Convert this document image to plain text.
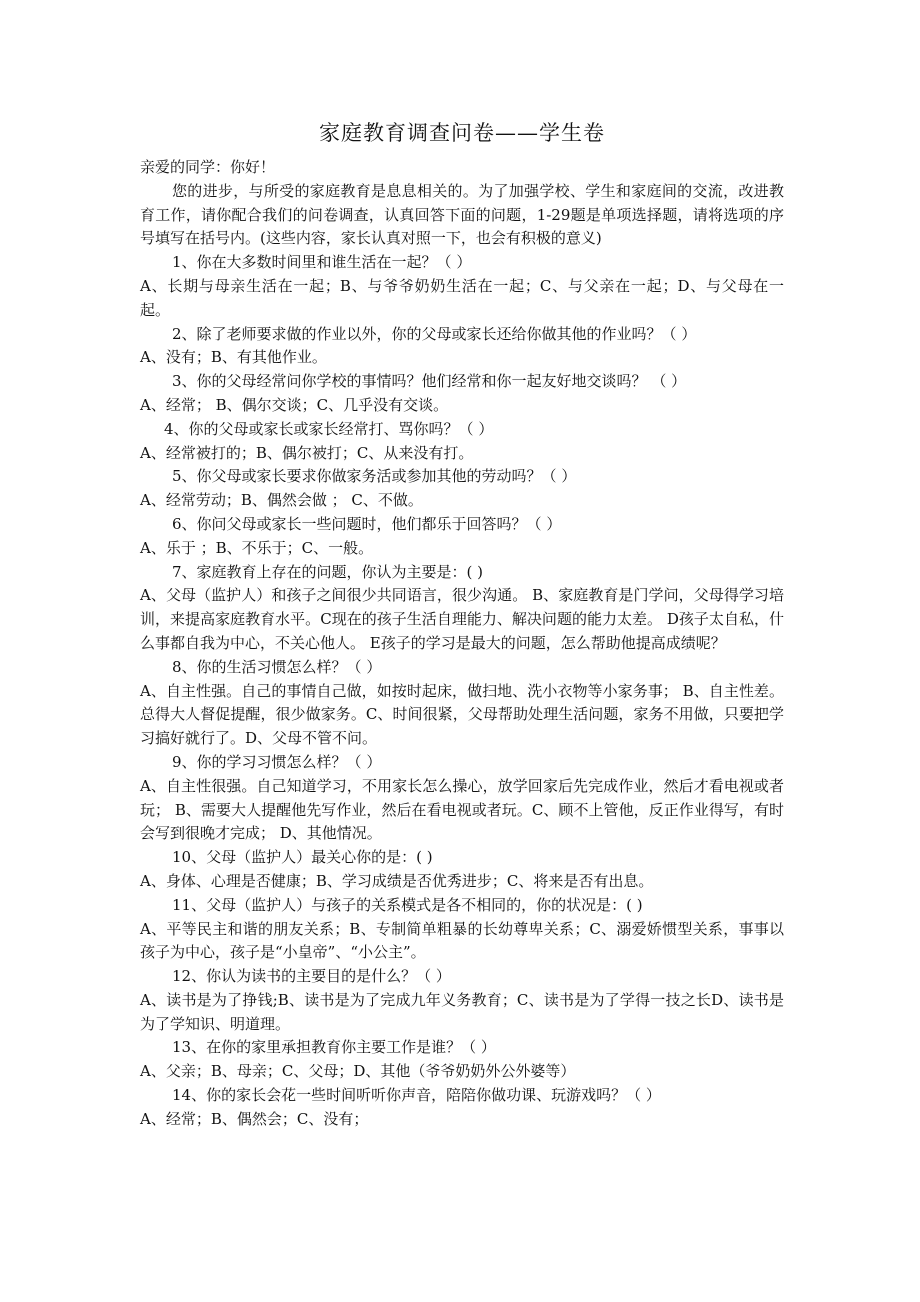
家庭教育调查问卷——学生卷

亲爱的同学：你好！

您的进步，与所受的家庭教育是息息相关的。为了加强学校、学生和家庭间的交流，改进教育工作，请你配合我们的问卷调查，认真回答下面的问题，1-29题是单项选择题，请将选项的序号填写在括号内。(这些内容，家长认真对照一下，也会有积极的意义)

1、你在大多数时间里和谁生活在一起？（ ）

A、长期与母亲生活在一起；B、与爷爷奶奶生活在一起；C、与父亲在一起；D、与父母在一起。

2、除了老师要求做的作业以外，你的父母或家长还给你做其他的作业吗？（ ）

A、没有；B、有其他作业。

3、你的父母经常问你学校的事情吗？他们经常和你一起友好地交谈吗？ （ ）

A、经常； B、偶尔交谈；C、几乎没有交谈。

4、你的父母或家长或家长经常打、骂你吗？（ ）

A、经常被打的；B、偶尔被打；C、从来没有打。

5、你父母或家长要求你做家务活或参加其他的劳动吗？（ ）

A、经常劳动；B、偶然会做 ； C、不做。

6、你问父母或家长一些问题时，他们都乐于回答吗？（ ）

A、乐于 ；B、不乐于；C、一般。

7、家庭教育上存在的问题，你认为主要是：( )

A、父母（监护人）和孩子之间很少共同语言，很少沟通。 B、家庭教育是门学问，父母得学习培训，来提高家庭教育水平。C现在的孩子生活自理能力、解决问题的能力太差。 D孩子太自私，什么事都自我为中心，不关心他人。 E孩子的学习是最大的问题，怎么帮助他提高成绩呢？

8、你的生活习惯怎么样？（ ）

A、自主性强。自己的事情自己做，如按时起床，做扫地、洗小衣物等小家务事； B、自主性差。总得大人督促提醒，很少做家务。C、时间很紧，父母帮助处理生活问题，家务不用做，只要把学习搞好就行了。D、父母不管不问。

9、你的学习习惯怎么样？（ ）

A、自主性很强。自己知道学习，不用家长怎么操心，放学回家后先完成作业，然后才看电视或者玩； B、需要大人提醒他先写作业，然后在看电视或者玩。C、顾不上管他，反正作业得写，有时会写到很晚才完成； D、其他情况。

10、父母（监护人）最关心你的是：( )

A、身体、心理是否健康；B、学习成绩是否优秀进步；C、将来是否有出息。

11、父母（监护人）与孩子的关系模式是各不相同的，你的状况是：( )

A、平等民主和谐的朋友关系；B、专制简单粗暴的长幼尊卑关系；C、溺爱娇惯型关系，事事以孩子为中心，孩子是“小皇帝”、“小公主”。

12、你认为读书的主要目的是什么？（ ）

A、读书是为了挣钱;B、读书是为了完成九年义务教育；C、读书是为了学得一技之长D、读书是为了学知识、明道理。

13、在你的家里承担教育你主要工作是谁？（ ）

A、父亲；B、母亲；C、父母；D、其他（爷爷奶奶外公外婆等）

14、你的家长会花一些时间听听你声音，陪陪你做功课、玩游戏吗？（ ）

A、经常；B、偶然会；C、没有；
